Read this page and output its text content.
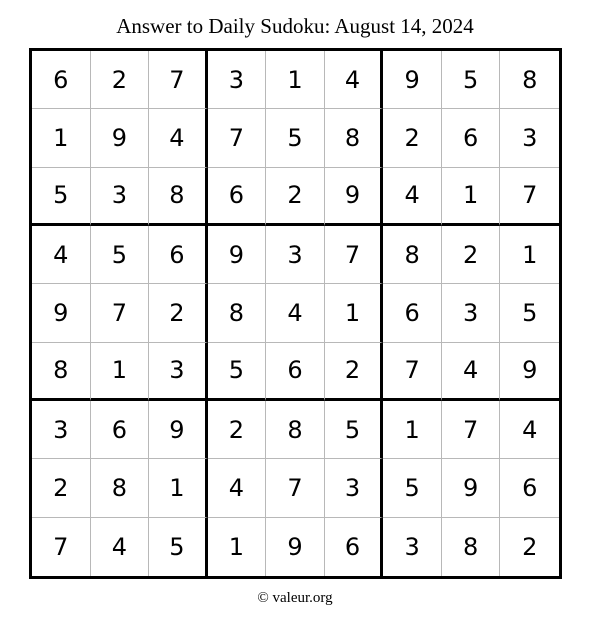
Answer to Daily Sudoku: August 14, 2024
6	2	7	3	1	4	9	5	8
1	9	4	7	5	8	2	6	3
5	3	8	6	2	9	4	1	7
4	5	6	9	3	7	8	2	1
9	7	2	8	4	1	6	3	5
8	1	3	5	6	2	7	4	9
3	6	9	2	8	5	1	7	4
2	8	1	4	7	3	5	9	6
7	4	5	1	9	6	3	8	2
© valeur.org
